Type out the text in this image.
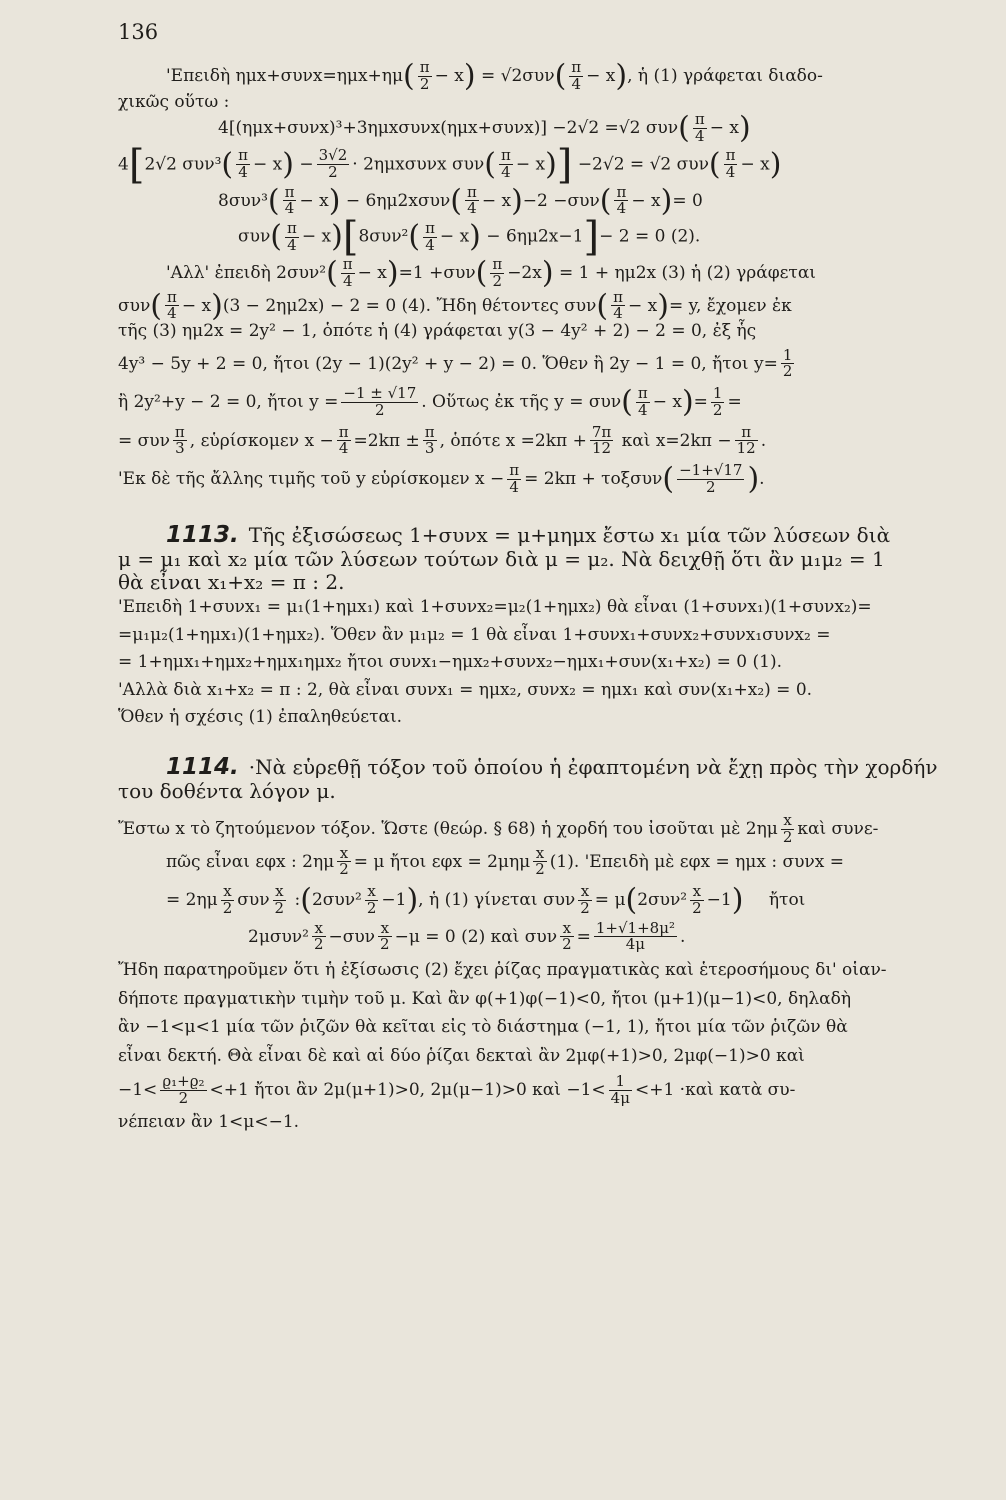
136
'Επειδὴ $\eta\mu x+\sigma\upsilon\nu x=\eta\mu x+\eta\mu( \frac{\pi}{2} - x) = √2\sigma\upsilon\nu( \frac{\pi}{4} - x)$, ἡ (1) γράφεται διαδο-
χικῶς οὕτω :
4[(ημx+συνx)³+3ημxσυνx(ημx+συνx)] −2√2 =√2 $\sigma\upsilon\nu( \frac{\pi}{4} - x)$
4[2√2 $\sigma\upsilon\nu^3( \frac{\pi}{4} - x) - \frac{3√2}{2} \cdot 2\eta\mu x\sigma\upsilon\nu x$ $\sigma\upsilon\nu( \frac{\pi}{4} - x)] -2√2 = √2$ $\sigma\upsilon\nu( \frac{\pi}{4} - x)$
$8\sigma\upsilon\nu^3( \frac{\pi}{4} - x) - 6\eta\mu 2x\sigma\upsilon\nu( \frac{\pi}{4} - x)-2 -\sigma\upsilon\nu( \frac{\pi}{4} - x)= 0$
$\sigma\upsilon\nu( \frac{\pi}{4} - x)[8\sigma\upsilon\nu^2( \frac{\pi}{4} - x) - 6\eta\mu 2x-1]- 2 = 0$ (2).
'Αλλ' ἐπειδὴ $2\sigma\upsilon\nu^2( \frac{\pi}{4} - x)=1 +\sigma\upsilon\nu( \frac{\pi}{2} -2x) = 1 + \eta\mu 2x$ (3) ἡ (2) γράφεται
$\sigma\upsilon\nu( \frac{\pi}{4} - x)(3 - 2\eta\mu 2x) - 2 = 0$ (4). Ἤδη θέτοντες $\sigma\upsilon\nu( \frac{\pi}{4} - x)= y$, ἔχομεν ἐκ
τῆς (3) ημ2x = 2y² − 1, ὁπότε ἡ (4) γράφεται y(3 − 4y² + 2) − 2 = 0, ἐξ ἧς
4y³ − 5y + 2 = 0, ἤτοι (2y − 1)(2y² + y − 2) = 0. Ὅθεν ἢ 2y − 1 = 0, ἤτοι $y= \frac{1}{2}$
ἢ 2y²+y − 2 = 0, ἤτοι $y = \frac{-1 \pm √17}{2}$ . Οὕτως ἐκ τῆς $y = \sigma\upsilon\nu( \frac{\pi}{4} - x)= \frac{1}{2}$ =
= συν $\frac{\pi}{3}$ , εὑρίσκομεν $x - \frac{\pi}{4} =2k\pi \pm \frac{\pi}{3}$ , ὁπότε $x =2k\pi + \frac{7\pi}{12}$ καὶ $x=2k\pi - \frac{\pi}{12}$ .
'Εκ δὲ τῆς ἄλλης τιμῆς τοῦ y εὑρίσκομεν $x - \frac{\pi}{4} = 2k\pi + \tau o\xi\sigma\upsilon\nu( \frac{-1+√17}{2}$ ).
1113. Τῆς ἐξισώσεως 1+συνx = μ+μημx ἔστω x₁ μία τῶν λύσεων διὰ
μ = μ₁ καὶ x₂ μία τῶν λύσεων τούτων διὰ μ = μ₂. Νὰ δειχθῇ ὅτι ἂν μ₁μ₂ = 1
θὰ εἶναι x₁+x₂ = π : 2.
'Επειδὴ 1+συνx₁ = μ₁(1+ημx₁) καὶ 1+συνx₂=μ₂(1+ημx₂) θὰ εἶναι (1+συνx₁)(1+συνx₂)=
=μ₁μ₂(1+ημx₁)(1+ημx₂). Ὅθεν ἂν μ₁μ₂ = 1 θὰ εἶναι 1+συνx₁+συνx₂+συνx₁συνx₂ =
= 1+ημx₁+ημx₂+ημx₁ημx₂ ἤτοι συνx₁−ημx₂+συνx₂−ημx₁+συν(x₁+x₂) = 0 (1).
'Αλλὰ διὰ x₁+x₂ = π : 2, θὰ εἶναι συνx₁ = ημx₂, συνx₂ = ημx₁ καὶ συν(x₁+x₂) = 0.
Ὅθεν ἡ σχέσις (1) ἐπαληθεύεται.
1114. ·Νὰ εὑρεθῇ τόξον τοῦ ὁποίου ἡ ἐφαπτομένη νὰ ἔχῃ πρὸς τὴν χορδήν
του δοθέντα λόγον μ.
Ἔστω x τὸ ζητούμενον τόξον. Ὥστε (θεώρ. § 68) ἡ χορδή του ἰσοῦται μὲ $2\eta\mu \frac{x}{2}$ καὶ συνε-
πῶς εἶναι εφx : $2\eta\mu \frac{x}{2} = \mu$ ἤτοι $\varepsilon\varphi x = 2\mu\eta\mu \frac{x}{2} (1)$. 'Επειδὴ μὲ εφx = ημx : συνx =
= $2\eta\mu \frac{x}{2}$ συν $\frac{x}{2}$ :(2συν² $\frac{x}{2} -1$), ἡ (1) γίνεται συν $\frac{x}{2} = \mu(2\sigma\upsilon\nu^2 \frac{x}{2} -1)$ ἤτοι
$2\mu\sigma\upsilon\nu^2 \frac{x}{2} -\sigma\upsilon\nu \frac{x}{2} -\mu = 0$ (2) καὶ συν $\frac{x}{2} = \frac{\text{1+√1+8μ²}}{4\mu}$ .
Ἤδη παρατηροῦμεν ὅτι ἡ ἐξίσωσις (2) ἔχει ῥίζας πραγματικὰς καὶ ἑτεροσήμους δι' οἱαν-
δήποτε πραγματικὴν τιμὴν τοῦ μ. Καὶ ἂν φ(+1)φ(−1)<0, ἤτοι (μ+1)(μ−1)<0, δηλαδὴ
ἂν −1<μ<1 μία τῶν ῥιζῶν θὰ κεῖται εἰς τὸ διάστημα (−1, 1), ἤτοι μία τῶν ῥιζῶν θὰ
εἶναι δεκτή. Θὰ εἶναι δὲ καὶ αἱ δύο ῥίζαι δεκταὶ ἂν 2μφ(+1)>0, 2μφ(−1)>0 καὶ
$-1< \frac{\text{ϱ₁+ϱ₂}}{2} <+1$ ἤτοι ἂν 2μ(μ+1)>0, 2μ(μ−1)>0 καὶ $-1< \frac{1}{4\mu} <+1$ ·καὶ κατὰ συ-
νέπειαν ἂν 1<μ<−1.
